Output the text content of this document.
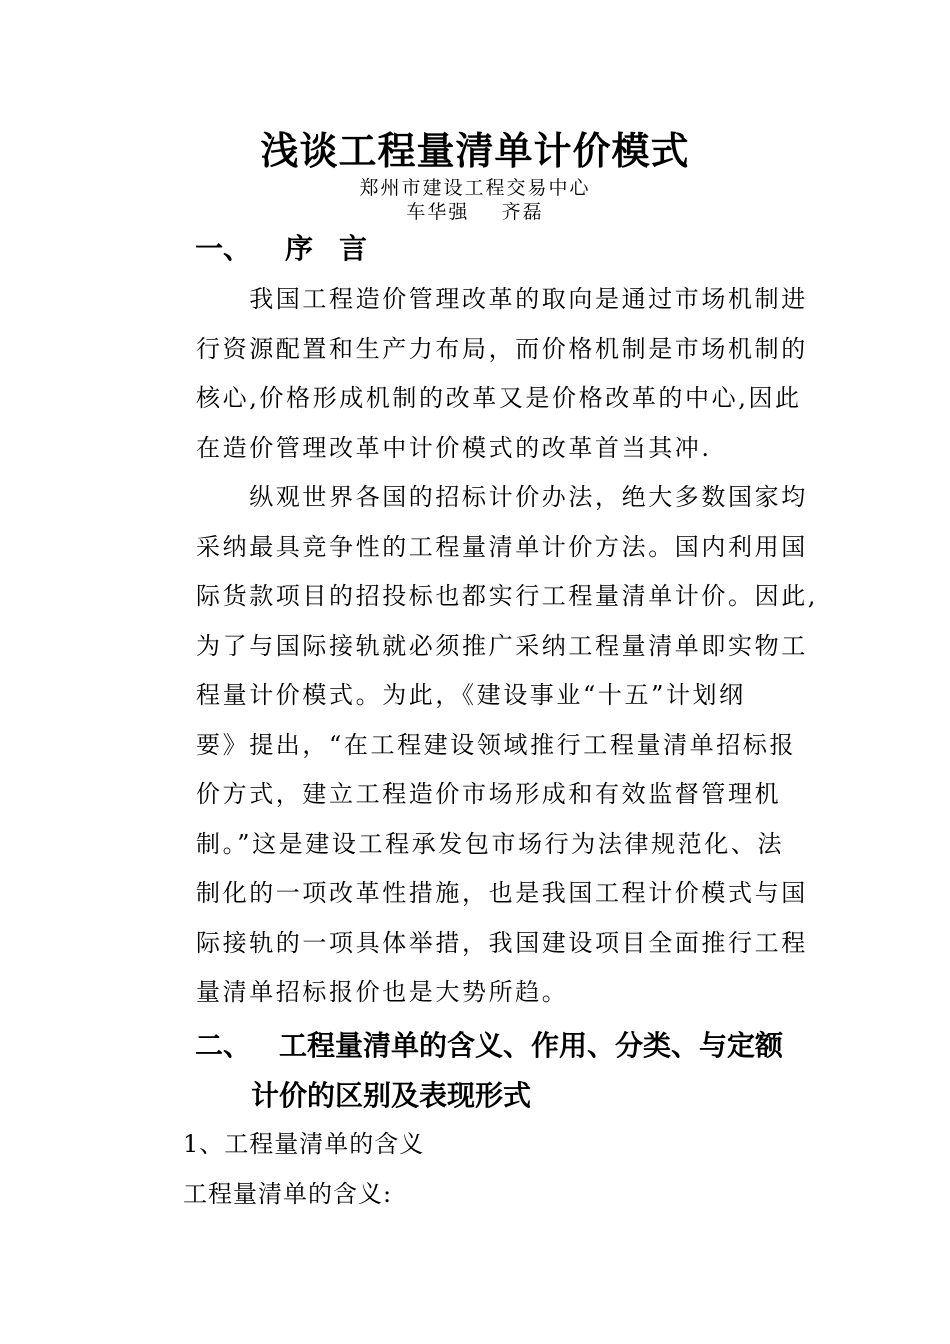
浅谈工程量清单计价模式
郑州市建设工程交易中心
车华强    齐磊
一、 序言
　　我国工程造价管理改革的取向是通过市场机制进
行资源配置和生产力布局，而价格机制是市场机制的
核心,价格形成机制的改革又是价格改革的中心,因此
在造价管理改革中计价模式的改革首当其冲.
　　纵观世界各国的招标计价办法，绝大多数国家均
采纳最具竞争性的工程量清单计价方法。国内利用国
际货款项目的招投标也都实行工程量清单计价。因此,
为了与国际接轨就必须推广采纳工程量清单即实物工
程量计价模式。为此，《建设事业“十五”计划纲
要》提出，“在工程建设领域推行工程量清单招标报
价方式，建立工程造价市场形成和有效监督管理机
制。”这是建设工程承发包市场行为法律规范化、法
制化的一项改革性措施，也是我国工程计价模式与国
际接轨的一项具体举措，我国建设项目全面推行工程
量清单招标报价也是大势所趋。
二、 工程量清单的含义、作用、分类、与定额
计价的区别及表现形式
1、工程量清单的含义
工程量清单的含义:
